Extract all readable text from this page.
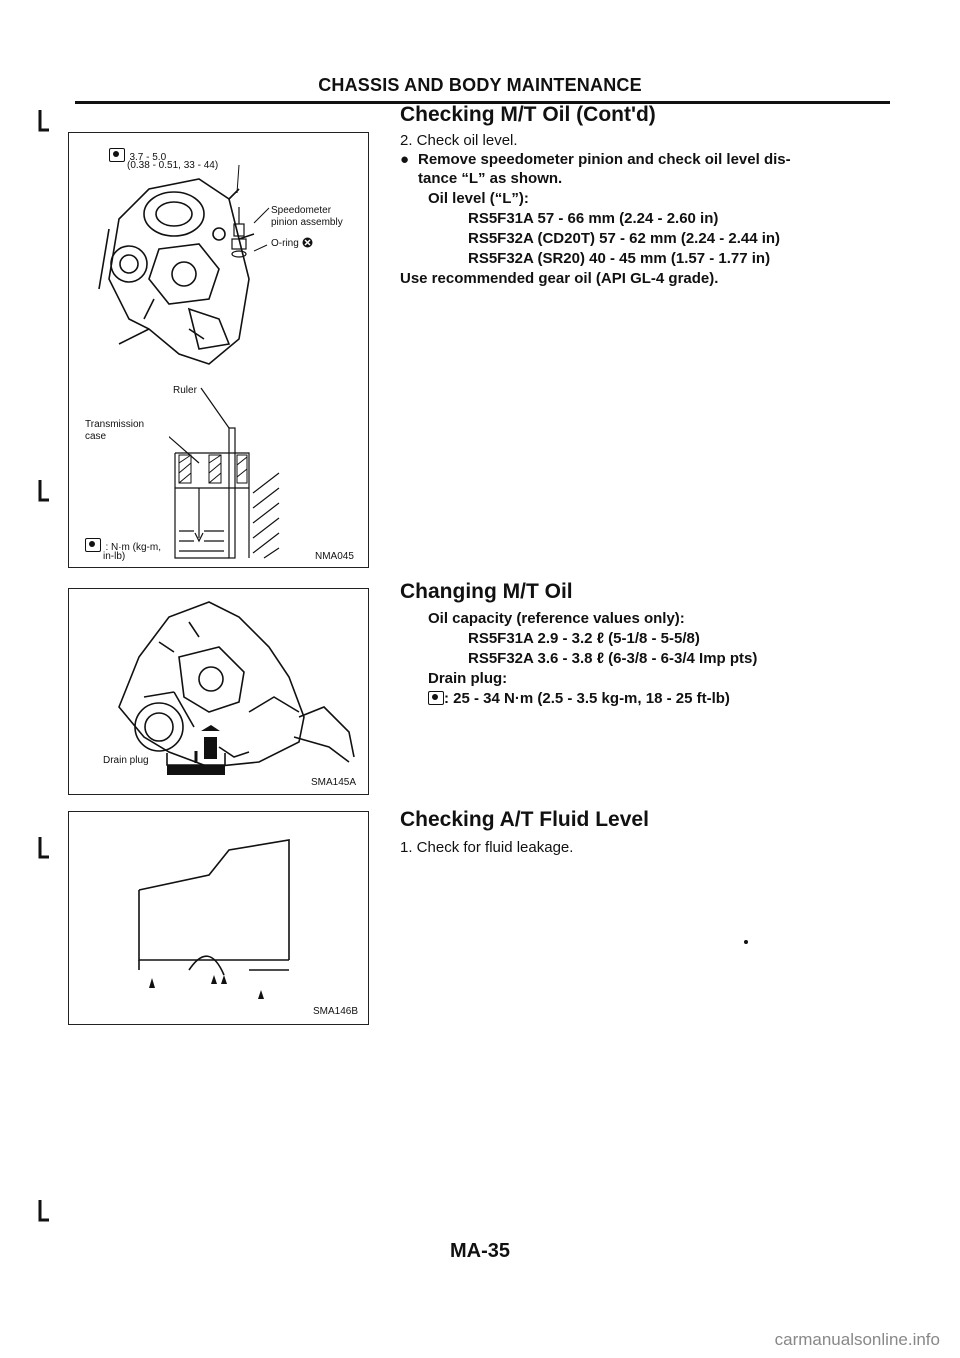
CHASSIS AND BODY MAINTENANCE
3.7 - 5.0
(0.38 - 0.51, 33 - 44)
Speedometer
pinion assembly
O-ring
Ruler
Transmission
case
: N·m (kg-m,
in-lb)	NMA045
Drain plug
SMA145A
SMA146B
Checking M/T Oil (Cont'd)
2. Check oil level.
● Remove speedometer pinion and check oil level dis-
tance “L” as shown.
Oil level (“L”):
RS5F31A 57 - 66 mm (2.24 - 2.60 in)
RS5F32A (CD20T) 57 - 62 mm (2.24 - 2.44 in)
RS5F32A (SR20) 40 - 45 mm (1.57 - 1.77 in)
Use recommended gear oil (API GL-4 grade).
Changing M/T Oil
Oil capacity (reference values only):
RS5F31A 2.9 - 3.2 ℓ (5-1/8 - 5-5/8)
RS5F32A 3.6 - 3.8 ℓ (6-3/8 - 6-3/4 Imp pts)
Drain plug:
: 25 - 34 N·m (2.5 - 3.5 kg-m, 18 - 25 ft-lb)
Checking A/T Fluid Level
1. Check for fluid leakage.
MA-35
carmanualsonline.info
